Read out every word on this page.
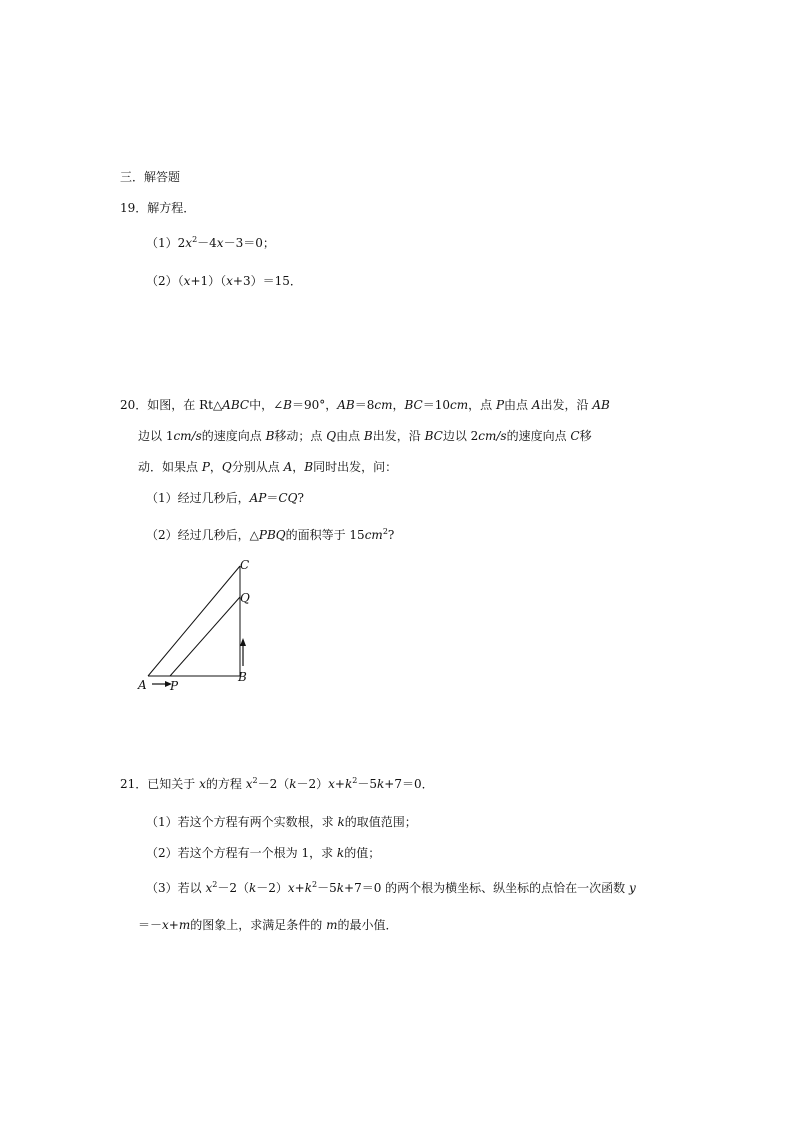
三．解答题
19．解方程．
$(1)2x^2-4x-3=0$；
（2）（x+1）（x+3）＝15．
20．如图，在 Rt△ABC中，∠B＝90°，AB＝8cm，BC＝10cm，点 P由点 A出发，沿 AB
边以 1cm/s的速度向点 B移动；点 Q由点 B出发，沿 BC边以 2cm/s的速度向点 C移
动．如果点 P，Q分别从点 A，B同时出发，问：
（1）经过几秒后，AP＝CQ?
（2）经过几秒后，△PBQ的面积等于 $15cm^2$?
C
Q
B
A P
21．已知关于 x的方程 $x^2-2(k-2)x+k^2-5k+7=0$．
（1）若这个方程有两个实数根，求 k的取值范围；
（2）若这个方程有一个根为 1，求 k的值；
（3）若以 $x^2-2(k-2)x+k^2-5k+7=0$ 的两个根为横坐标、纵坐标的点恰在一次函数 y
＝－x+m的图象上，求满足条件的 m的最小值．
